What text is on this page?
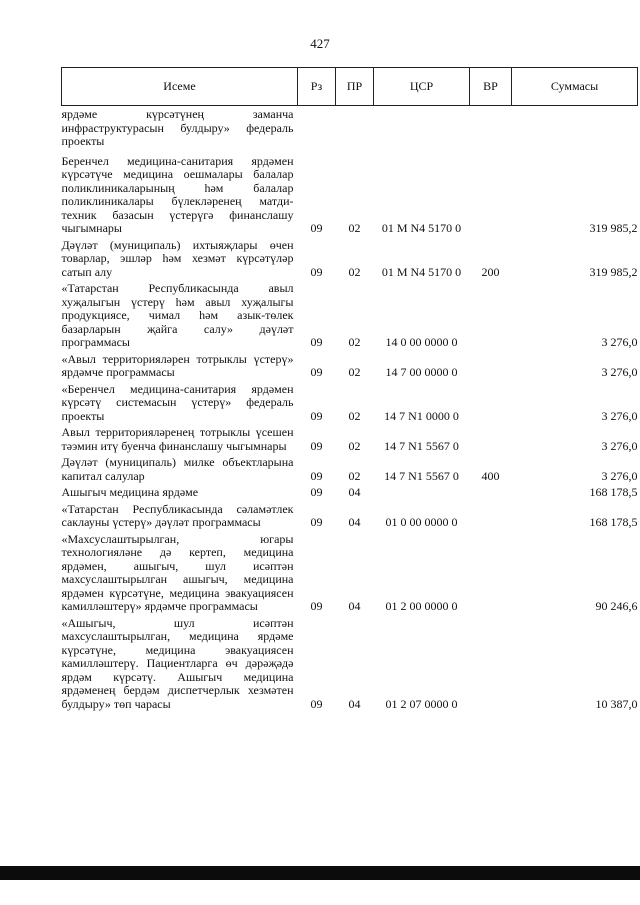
427
Исеме	Рз	ПР	ЦСР	ВР	Суммасы

ярдәме күрсәтүнең заманча инфраструктурасын булдыру» федераль проекты					

Беренчел медицина-санитария ярдәмен күрсәтүче медицина оешмалары балалар поликлиникаларының һәм балалар поликлиникалары бүлекләренең матди-техник базасын үстерүгә финанслашу чыгымнары	09	02	01 М N4 5170 0		319 985,2

Дәүләт (муниципаль) ихтыяҗлары өчен товарлар, эшләр һәм хезмәт күрсәтүләр сатып алу	09	02	01 М N4 5170 0	200	319 985,2

«Татарстан Республикасында авыл хуҗалыгын үстерү һәм авыл хуҗалыгы продукциясе, чимал һәм азык-төлек базарларын җайга салу» дәүләт программасы	09	02	14 0 00 0000 0		3 276,0

«Авыл территорияләрен тотрыклы үстерү» ярдәмче программасы	09	02	14 7 00 0000 0		3 276,0

«Беренчел медицина-санитария ярдәмен күрсәтү системасын үстерү» федераль проекты	09	02	14 7 N1 0000 0		3 276,0

Авыл территорияләренең тотрыклы үсешен тәэмин итү буенча финанслашу чыгымнары	09	02	14 7 N1 5567 0		3 276,0

Дәүләт (муниципаль) милке объектларына капитал салулар	09	02	14 7 N1 5567 0	400	3 276,0

Ашыгыч медицина ярдәме	09	04			168 178,5

«Татарстан Республикасында сәламәтлек саклауны үстерү» дәүләт программасы	09	04	01 0 00 0000 0		168 178,5

«Махсуслаштырылган, югары технологияләне дә кертеп, медицина ярдәмен, ашыгыч, шул исәптән махсуслаштырылган ашыгыч, медицина ярдәмен күрсәтүне, медицина эвакуациясен камилләштерү» ярдәмче программасы	09	04	01 2 00 0000 0		90 246,6

«Ашыгыч, шул исәптән махсуслаштырылган, медицина ярдәме күрсәтүне, медицина эвакуациясен камилләштерү. Пациентларга өч дәрәҗәдә ярдәм күрсәтү. Ашыгыч медицина ярдәменең бердәм диспетчерлык хезмәтен булдыру» төп чарасы	09	04	01 2 07 0000 0		10 387,0
